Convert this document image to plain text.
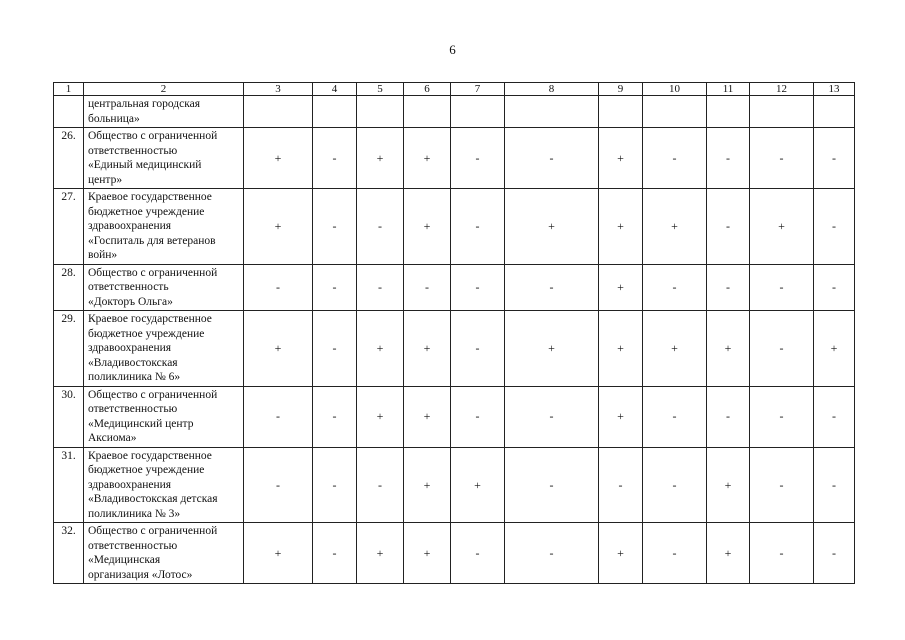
6
1	2	3	4	5	6	7	8	9	10	11	12	13

	центральная городская
больница»											

26.	Общество с ограниченной
ответственностью
«Единый медицинский
центр»	+	-	+	+	-	-	+	-	-	-	-
27.	Краевое государственное
бюджетное учреждение
здравоохранения
«Госпиталь для ветеранов
войн»	+	-	-	+	-	+	+	+	-	+	-
28.	Общество с ограниченной
ответственность
«Докторъ Ольга»	-	-	-	-	-	-	+	-	-	-	-
29.	Краевое государственное
бюджетное учреждение
здравоохранения
«Владивостокская
поликлиника № 6»	+	-	+	+	-	+	+	+	+	-	+
30.	Общество с ограниченной
ответственностью
«Медицинский центр
Аксиома»	-	-	+	+	-	-	+	-	-	-	-
31.	Краевое государственное
бюджетное учреждение
здравоохранения
«Владивостокская детская
поликлиника № 3»	-	-	-	+	+	-	-	-	+	-	-
32.	Общество с ограниченной
ответственностью
«Медицинская
организация «Лотос»	+	-	+	+	-	-	+	-	+	-	-
